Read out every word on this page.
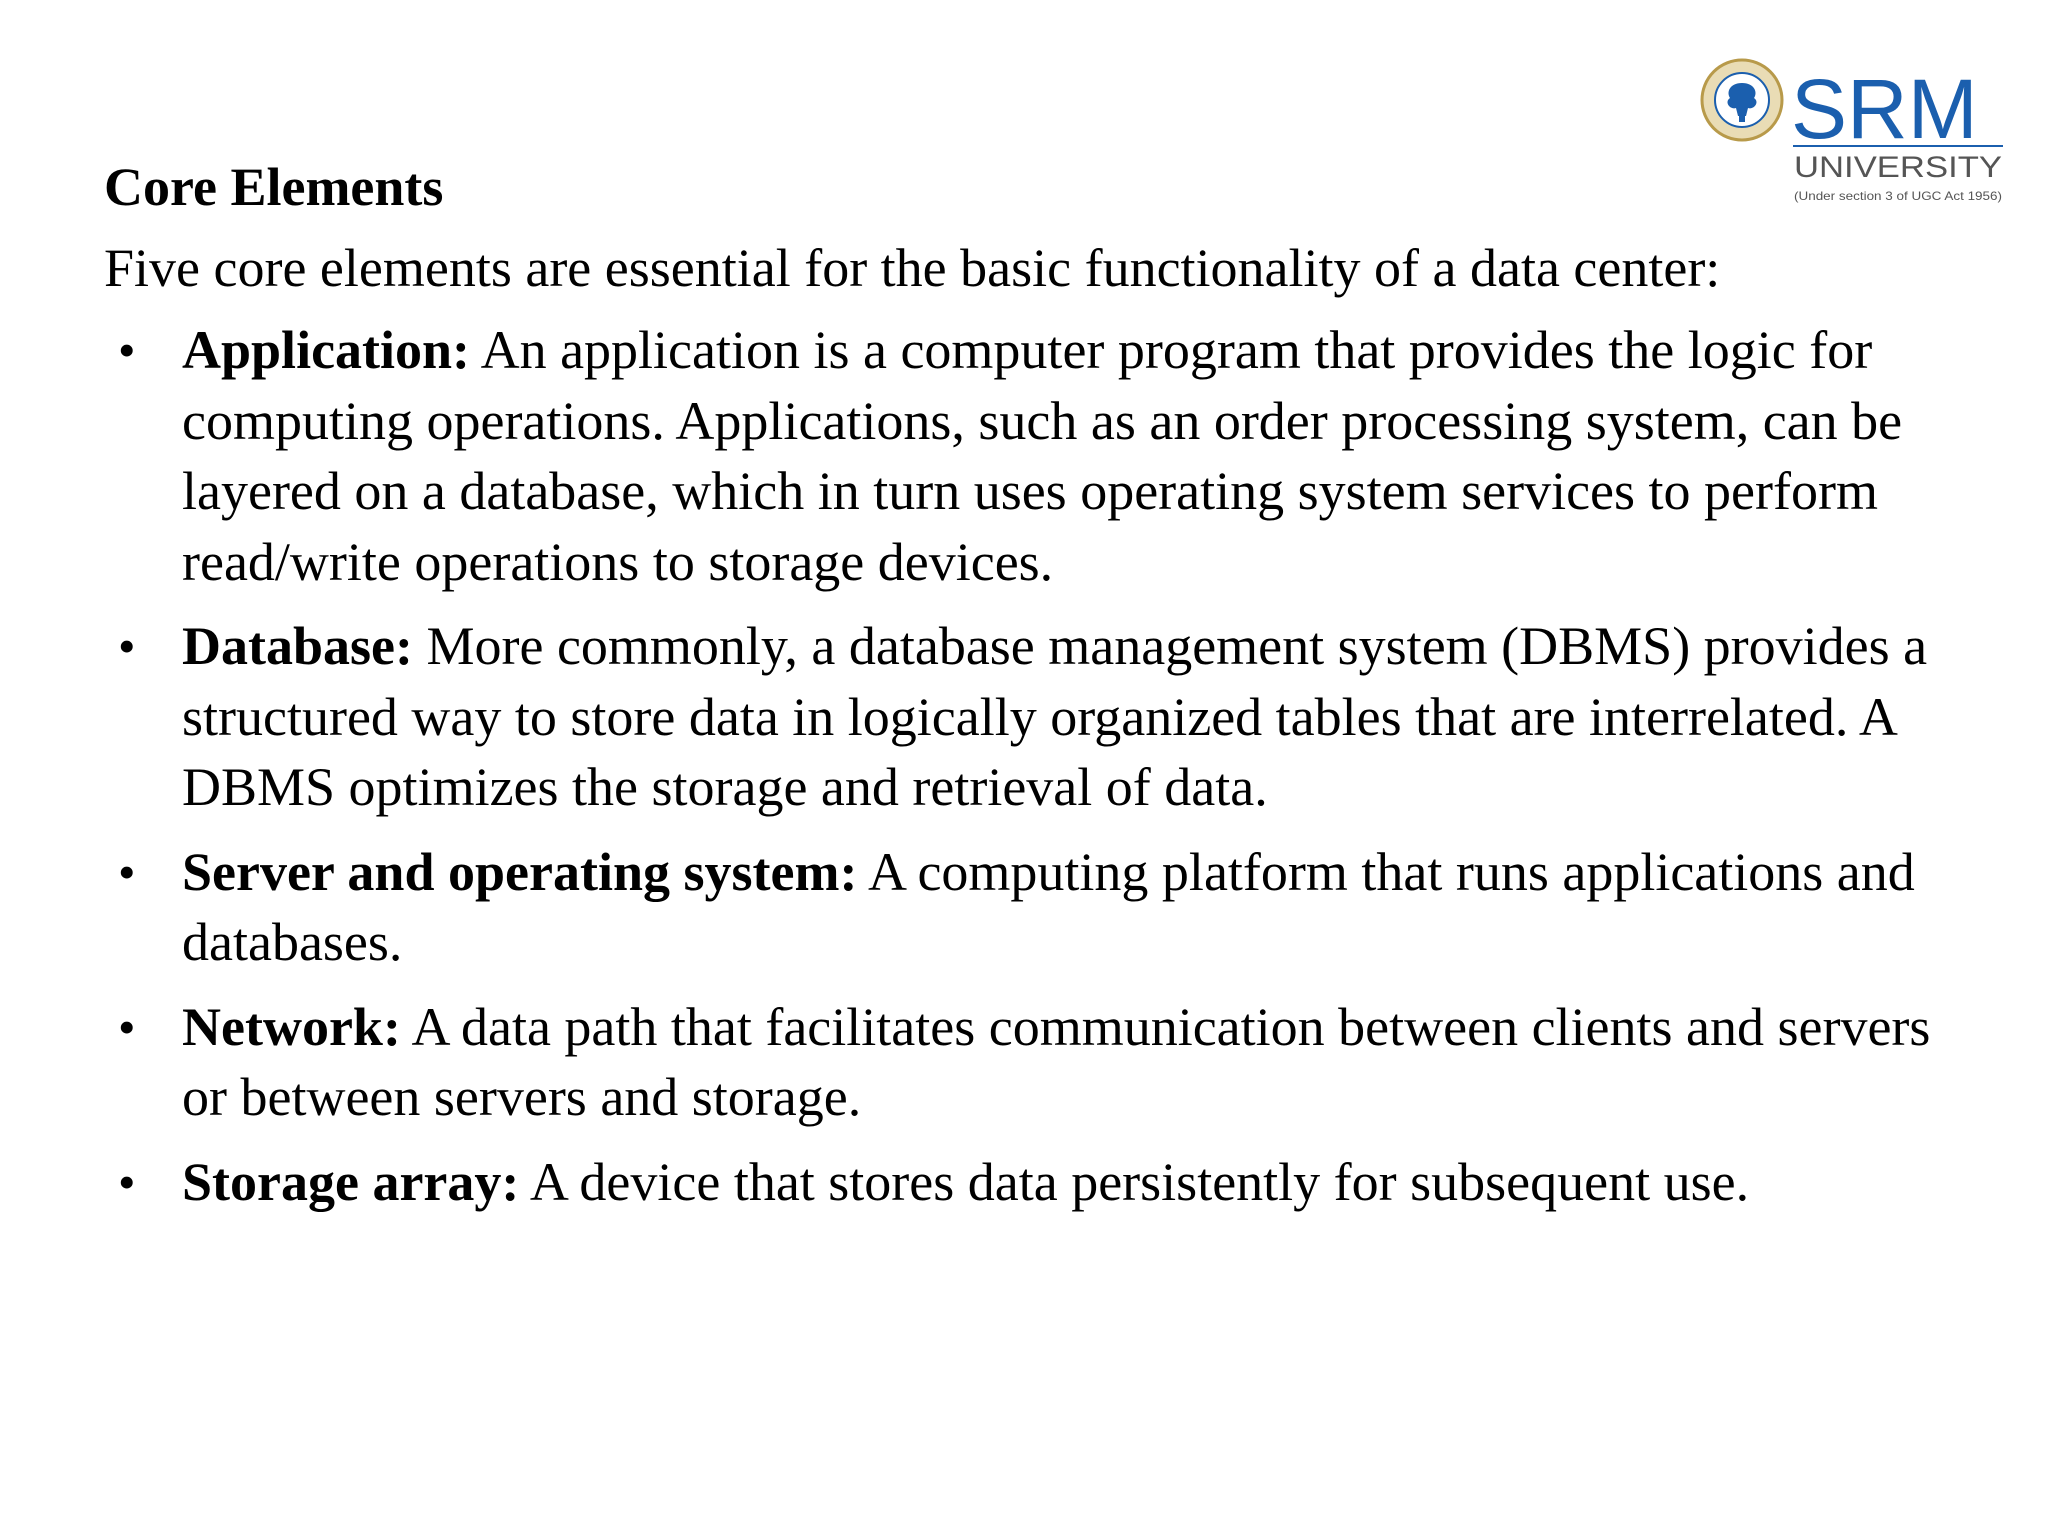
SRM
UNIVERSITY
(Under section 3 of UGC Act 1956)
Core Elements

Five core elements are essential for the basic functionality of a data center:

• Application: An application is a computer program that provides the logic for computing operations. Applications, such as an order processing system, can be layered on a database, which in turn uses operating system services to perform read/write operations to storage devices.
• Database: More commonly, a database management system (DBMS) provides a structured way to store data in logically organized tables that are interrelated. A DBMS optimizes the storage and retrieval of data.
• Server and operating system: A computing platform that runs applications and databases.
• Network: A data path that facilitates communication between clients and servers or between servers and storage.
• Storage array: A device that stores data persistently for subsequent use.
